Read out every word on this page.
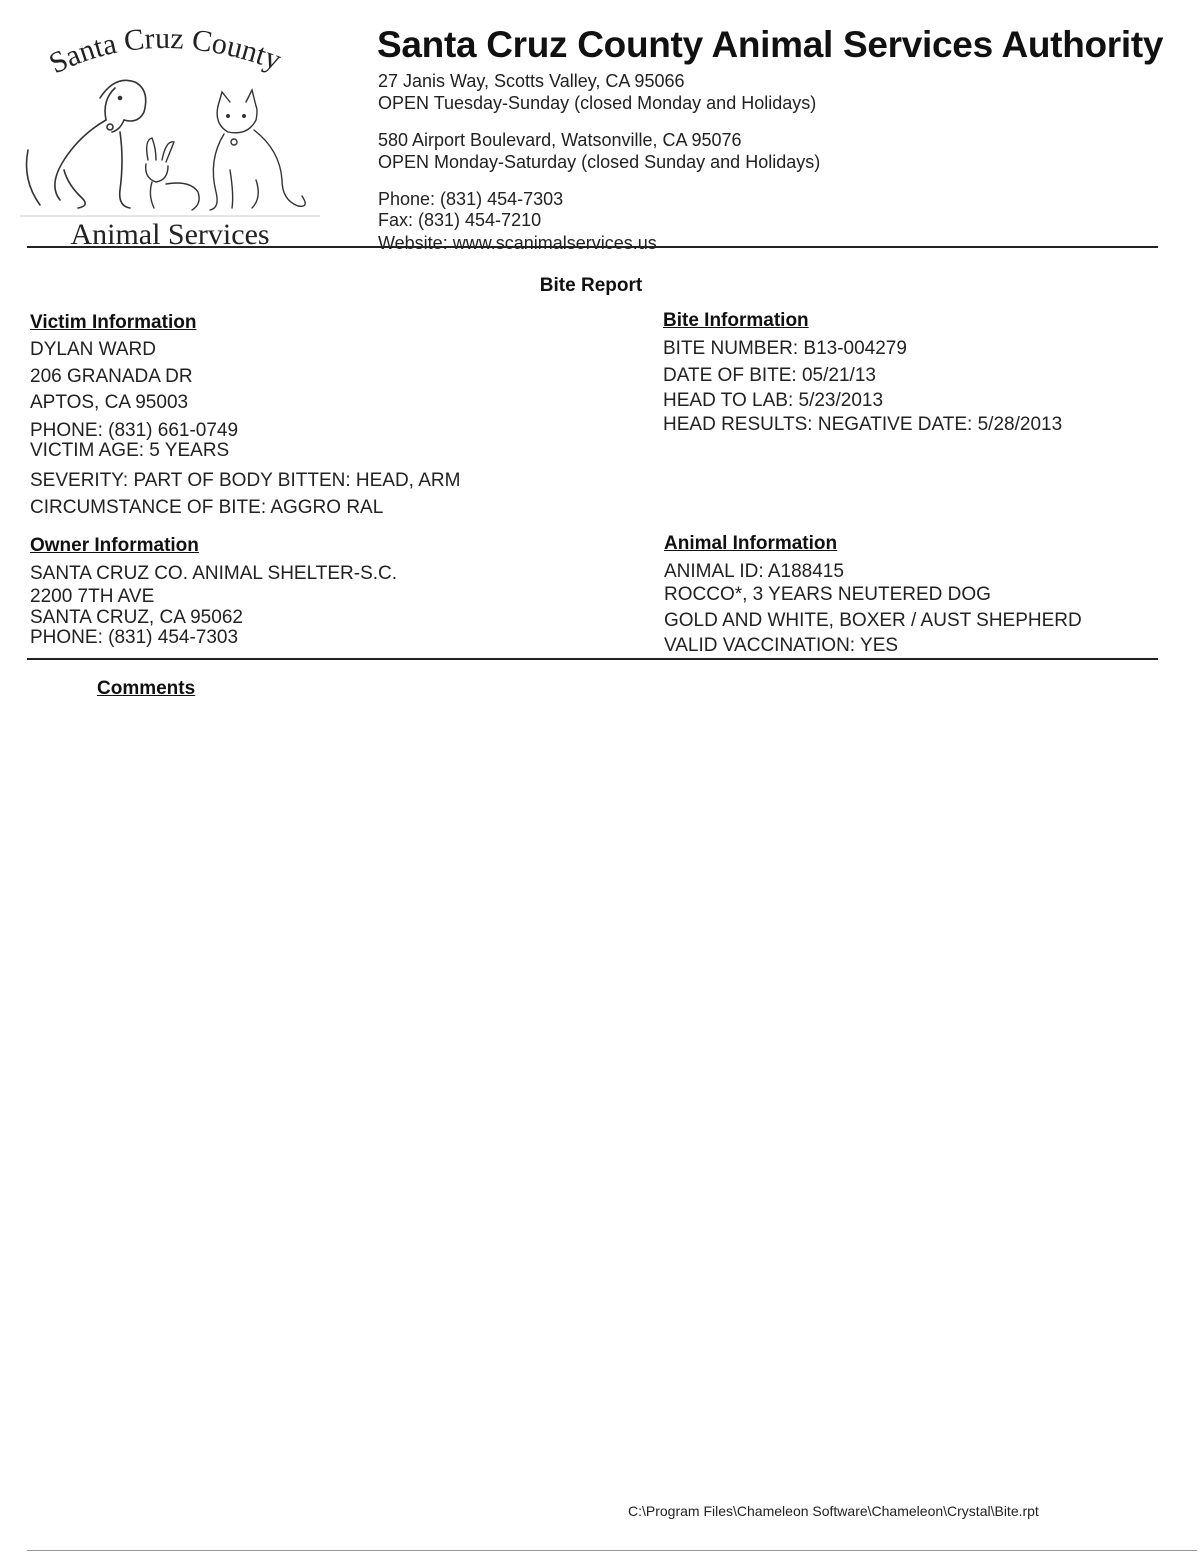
Santa Cruz County
Animal Services
Santa Cruz County Animal Services Authority
27 Janis Way, Scotts Valley, CA 95066
OPEN Tuesday-Sunday (closed Monday and Holidays)
580 Airport Boulevard, Watsonville, CA 95076
OPEN Monday-Saturday (closed Sunday and Holidays)
Phone: (831) 454-7303
Fax: (831) 454-7210
Website: www.scanimalservices.us
Bite Report
Victim Information
DYLAN WARD
206 GRANADA DR
APTOS, CA 95003
PHONE: (831) 661-0749
VICTIM AGE: 5 YEARS
SEVERITY: PART OF BODY BITTEN: HEAD, ARM
CIRCUMSTANCE OF BITE: AGGRO RAL
Bite Information
BITE NUMBER: B13-004279
DATE OF BITE: 05/21/13
HEAD TO LAB: 5/23/2013
HEAD RESULTS: NEGATIVE DATE: 5/28/2013
Owner Information
SANTA CRUZ CO. ANIMAL SHELTER-S.C.
2200 7TH AVE
SANTA CRUZ, CA 95062
PHONE: (831) 454-7303
Animal Information
ANIMAL ID: A188415
ROCCO*, 3 YEARS NEUTERED DOG
GOLD AND WHITE, BOXER / AUST SHEPHERD
VALID VACCINATION: YES
Comments
C:\Program Files\Chameleon Software\Chameleon\Crystal\Bite.rpt
